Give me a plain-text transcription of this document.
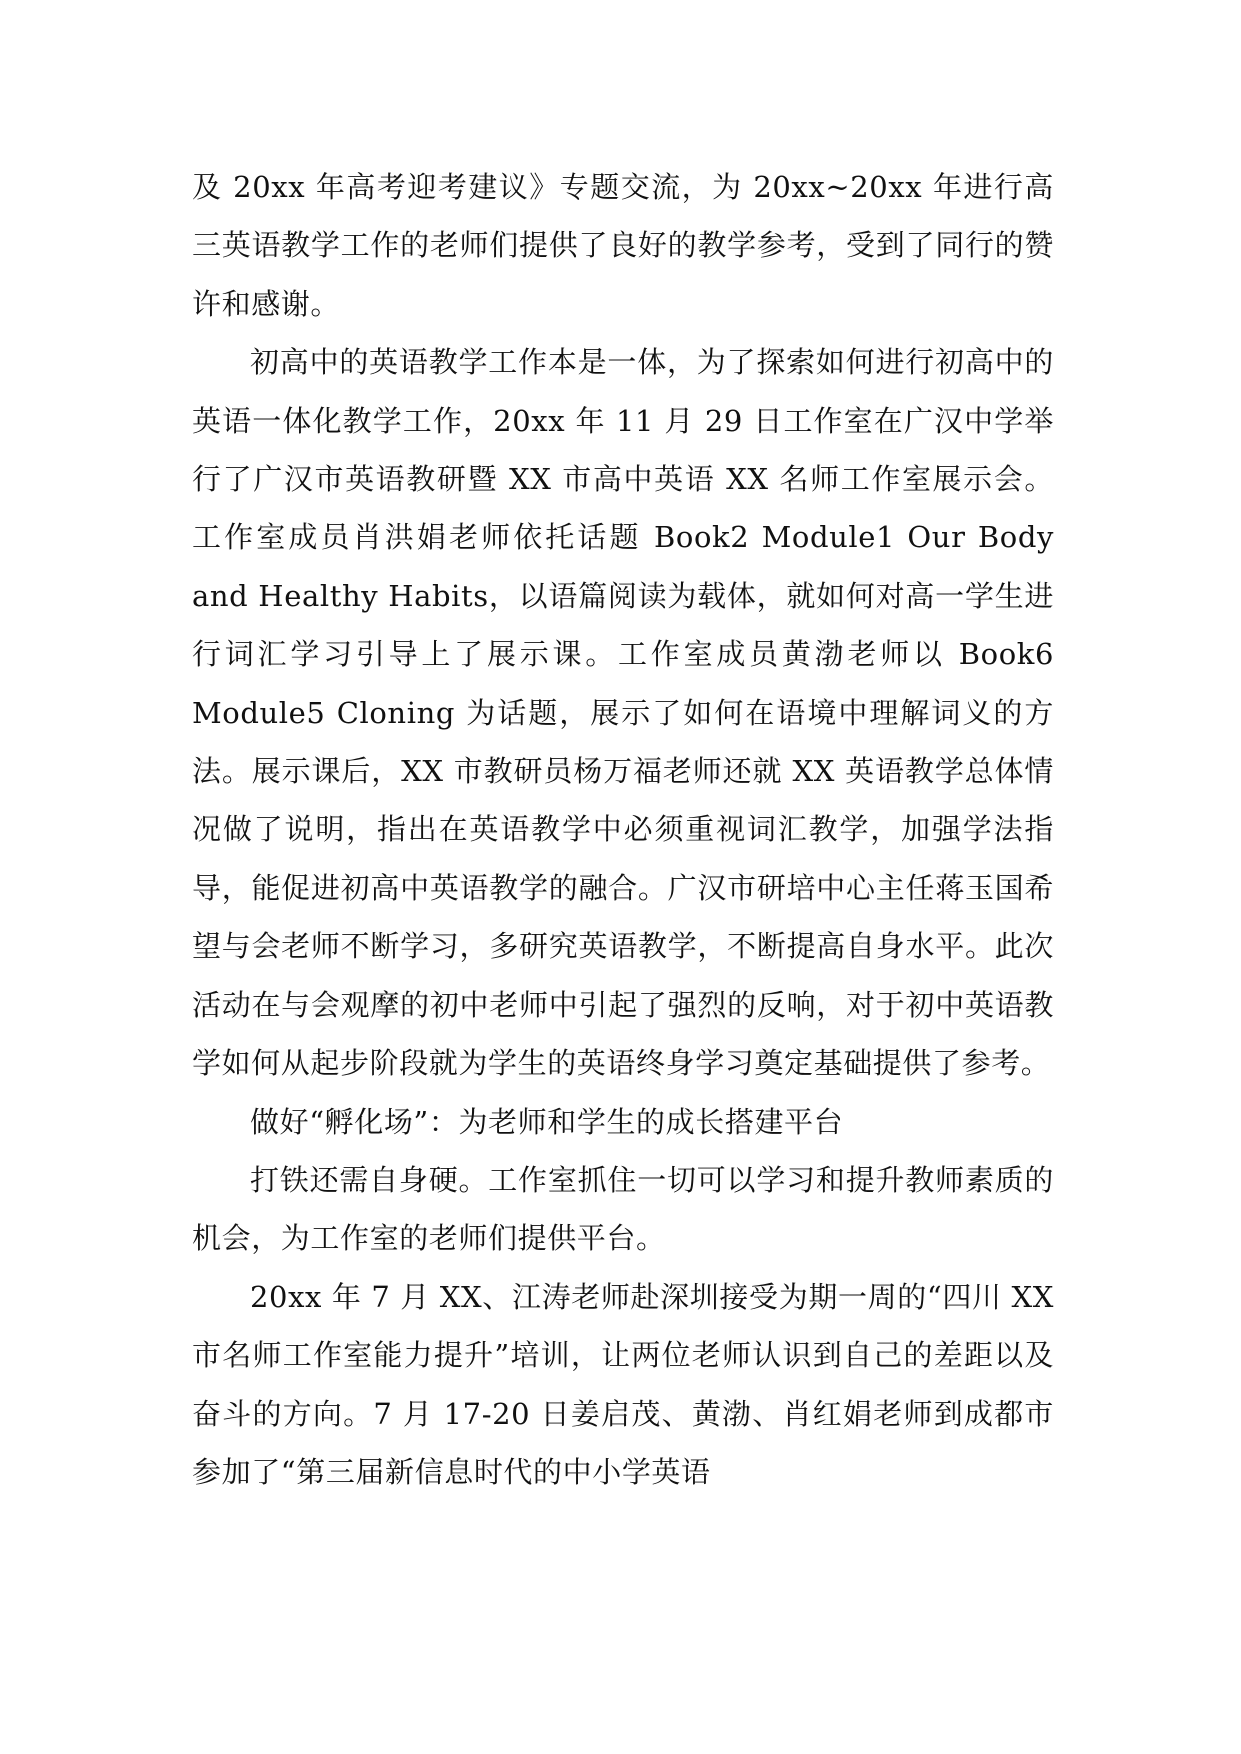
及 20xx 年高考迎考建议》专题交流，为 20xx~20xx 年进行高三英语教学工作的老师们提供了良好的教学参考，受到了同行的赞许和感谢。

初高中的英语教学工作本是一体，为了探索如何进行初高中的英语一体化教学工作，20xx 年 11 月 29 日工作室在广汉中学举行了广汉市英语教研暨 XX 市高中英语 XX 名师工作室展示会。工作室成员肖洪娟老师依托话题 Book2 Module1 Our Body and Healthy Habits，以语篇阅读为载体，就如何对高一学生进行词汇学习引导上了展示课。工作室成员黄渤老师以 Book6 Module5 Cloning 为话题，展示了如何在语境中理解词义的方法。展示课后，XX 市教研员杨万福老师还就 XX 英语教学总体情况做了说明，指出在英语教学中必须重视词汇教学，加强学法指导，能促进初高中英语教学的融合。广汉市研培中心主任蒋玉国希望与会老师不断学习，多研究英语教学，不断提高自身水平。此次活动在与会观摩的初中老师中引起了强烈的反响，对于初中英语教学如何从起步阶段就为学生的英语终身学习奠定基础提供了参考。

做好“孵化场”：为老师和学生的成长搭建平台

打铁还需自身硬。工作室抓住一切可以学习和提升教师素质的机会，为工作室的老师们提供平台。

20xx 年 7 月 XX、江涛老师赴深圳接受为期一周的“四川 XX 市名师工作室能力提升”培训，让两位老师认识到自己的差距以及奋斗的方向。7 月 17-20 日姜启茂、黄渤、肖红娟老师到成都市参加了“第三届新信息时代的中小学英语
